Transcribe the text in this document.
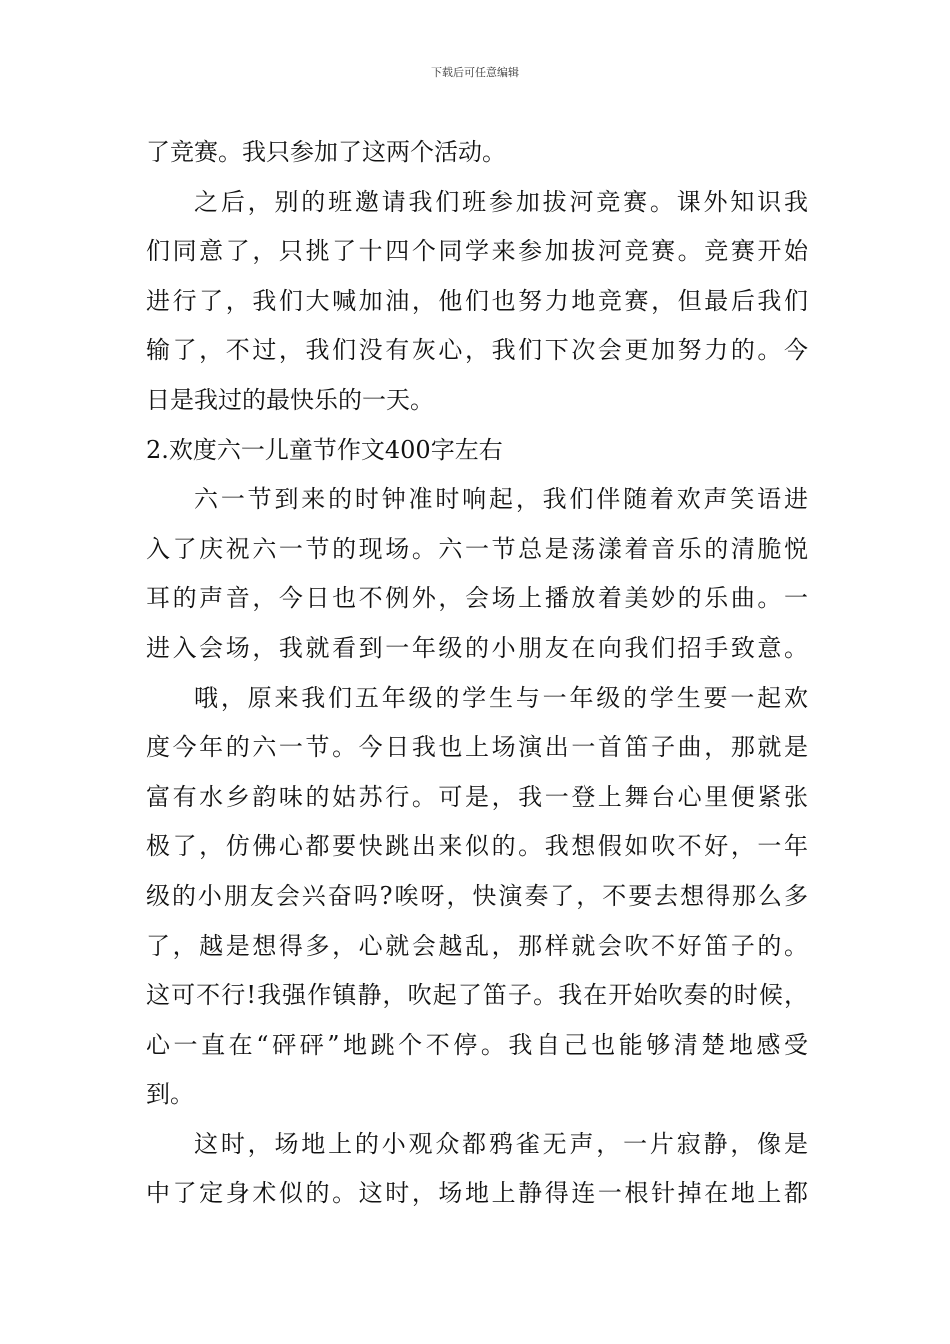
下载后可任意编辑
了竞赛。我只参加了这两个活动。
之后，别的班邀请我们班参加拔河竞赛。课外知识我
们同意了，只挑了十四个同学来参加拔河竞赛。竞赛开始
进行了，我们大喊加油，他们也努力地竞赛，但最后我们
输了，不过，我们没有灰心，我们下次会更加努力的。今
日是我过的最快乐的一天。
2.欢度六一儿童节作文400字左右
六一节到来的时钟准时响起，我们伴随着欢声笑语进
入了庆祝六一节的现场。六一节总是荡漾着音乐的清脆悦
耳的声音，今日也不例外，会场上播放着美妙的乐曲。一
进入会场，我就看到一年级的小朋友在向我们招手致意。
哦，原来我们五年级的学生与一年级的学生要一起欢
度今年的六一节。今日我也上场演出一首笛子曲，那就是
富有水乡韵味的姑苏行。可是，我一登上舞台心里便紧张
极了，仿佛心都要快跳出来似的。我想假如吹不好，一年
级的小朋友会兴奋吗?唉呀，快演奏了，不要去想得那么多
了，越是想得多，心就会越乱，那样就会吹不好笛子的。
这可不行!我强作镇静，吹起了笛子。我在开始吹奏的时候，
心一直在“砰砰”地跳个不停。我自己也能够清楚地感受
到。
这时，场地上的小观众都鸦雀无声，一片寂静，像是
中了定身术似的。这时，场地上静得连一根针掉在地上都
